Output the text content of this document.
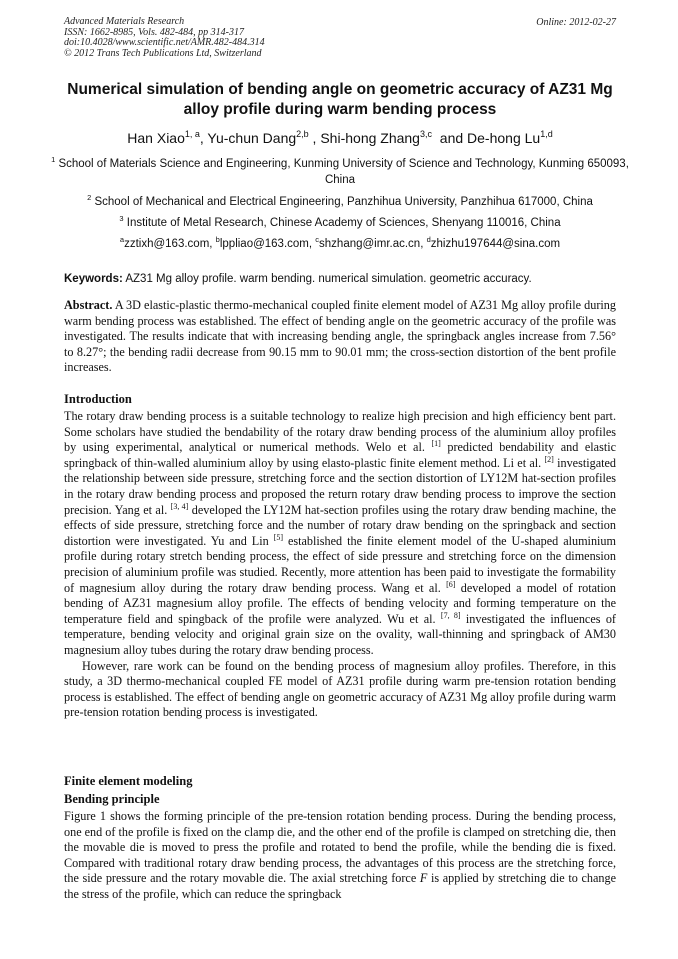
Advanced Materials Research
ISSN: 1662-8985, Vols. 482-484, pp 314-317
doi:10.4028/www.scientific.net/AMR.482-484.314
© 2012 Trans Tech Publications Ltd, Switzerland
Online: 2012-02-27
Numerical simulation of bending angle on geometric accuracy of AZ31 Mg alloy profile during warm bending process
Han Xiao$^{1, a}$, Yu-chun Dang$^{2,b}$ , Shi-hong Zhang$^{3,c}$  and De-hong Lu$^{1,d}$
$^1$ School of Materials Science and Engineering, Kunming University of Science and Technology, Kunming 650093, China
$^2$ School of Mechanical and Electrical Engineering, Panzhihua University, Panzhihua 617000, China
$^3$ Institute of Metal Research, Chinese Academy of Sciences, Shenyang 110016, China
$^a$zztixh@163.com, $^b$lppliao@163.com, $^c$shzhang@imr.ac.cn, $^d$zhizhu197644@sina.com
Keywords: AZ31 Mg alloy profile. warm bending. numerical simulation. geometric accuracy.
Abstract. A 3D elastic-plastic thermo-mechanical coupled finite element model of AZ31 Mg alloy profile during warm bending process was established. The effect of bending angle on the geometric accuracy of the profile was investigated. The results indicate that with increasing bending angle, the springback angles increase from 7.56° to 8.27°; the bending radii decrease from 90.15 mm to 90.01 mm; the cross-section distortion of the bent profile increases.
Introduction

The rotary draw bending process is a suitable technology to realize high precision and high efficiency bent part. Some scholars have studied the bendability of the rotary draw bending process of the aluminium alloy profiles by using experimental, analytical or numerical methods. Welo et al. [1] predicted bendability and elastic springback of thin-walled aluminium alloy by using elasto-plastic finite element method. Li et al. [2] investigated the relationship between side pressure, stretching force and the section distortion of LY12M hat-section profiles in the rotary draw bending process and proposed the return rotary draw bending process to improve the section precision. Yang et al. [3, 4] developed the LY12M hat-section profiles using the rotary draw bending machine, the effects of side pressure, stretching force and the number of rotary draw bending on the springback and section distortion were investigated. Yu and Lin [5] established the finite element model of the U-shaped aluminium profile during rotary stretch bending process, the effect of side pressure and stretching force on the dimension precision of aluminium profile was studied. Recently, more attention has been paid to investigate the formability of magnesium alloy during the rotary draw bending process. Wang et al. [6] developed a model of rotation bending of AZ31 magnesium alloy profile. The effects of bending velocity and forming temperature on the temperature field and spingback of the profile were analyzed. Wu et al. [7, 8] investigated the influences of temperature, bending velocity and original grain size on the ovality, wall-thinning and springback of AM30 magnesium alloy tubes during the rotary draw bending process.

However, rare work can be found on the bending process of magnesium alloy profiles. Therefore, in this study, a 3D thermo-mechanical coupled FE model of AZ31 profile during warm pre-tension rotation bending process is established. The effect of bending angle on geometric accuracy of AZ31 Mg alloy profile during warm pre-tension rotation bending process is investigated.

Finite element modeling
Bending principle

Figure 1 shows the forming principle of the pre-tension rotation bending process. During the bending process, one end of the profile is fixed on the clamp die, and the other end of the profile is clamped on stretching die, then the movable die is moved to press the profile and rotated to bend the profile, while the bending die is fixed. Compared with traditional rotary draw bending process, the advantages of this process are the stretching force, the side pressure and the rotary movable die. The axial stretching force F is applied by stretching die to change the stress of the profile, which can reduce the springback
